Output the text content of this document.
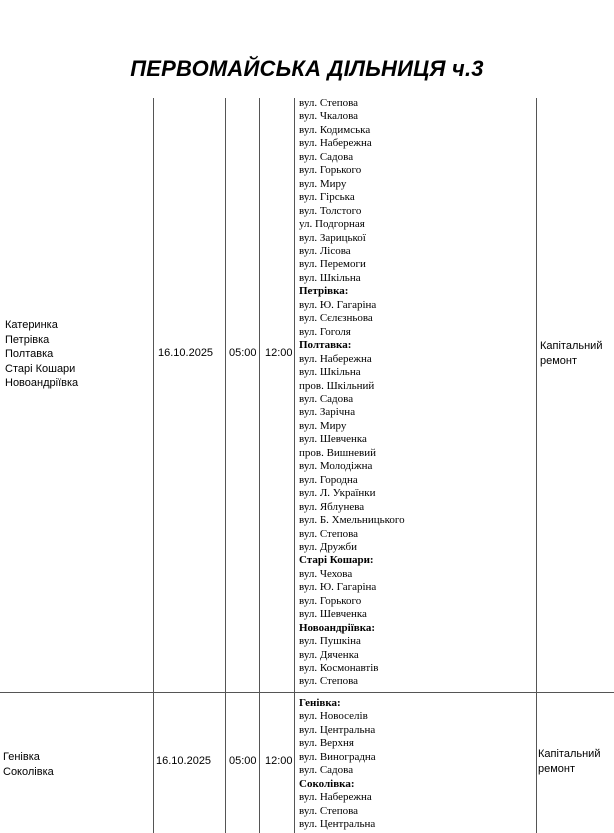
ПЕРВОМАЙСЬКА ДІЛЬНИЦЯ ч.3
Катеринка
Петрівка
Полтавка
Старі Кошари
Новоандріївка
16.10.2025 05:00 12:00
Капітальний ремонт
вул. Степова
вул. Чкалова
вул. Кодимська
вул. Набережна
вул. Садова
вул. Горького
вул. Миру
вул. Гірська
вул. Толстого
ул. Подгорная
вул. Зарицької
вул. Лісова
вул. Перемоги
вул. Шкільна
Петрівка:
вул. Ю. Гагаріна
вул. Сєлєзньова
вул. Гоголя
Полтавка:
вул. Набережна
вул. Шкільна
пров. Шкільний
вул. Садова
вул. Зарічна
вул. Миру
вул. Шевченка
пров. Вишневий
вул. Молодіжна
вул. Городна
вул. Л. Українки
вул. Яблунева
вул. Б. Хмельницького
вул. Степова
вул. Дружби
Старі Кошари:
вул. Чехова
вул. Ю. Гагаріна
вул. Горького
вул. Шевченка
Новоандріївка:
вул. Пушкіна
вул. Дяченка
вул. Космонавтів
вул. Степова
Генівка
Соколівка
16.10.2025 05:00 12:00
Капітальний ремонт
Генівка:
вул. Новоселів
вул. Центральна
вул. Верхня
вул. Виноградна
вул. Садова
Соколівка:
вул. Набережна
вул. Степова
вул. Центральна
